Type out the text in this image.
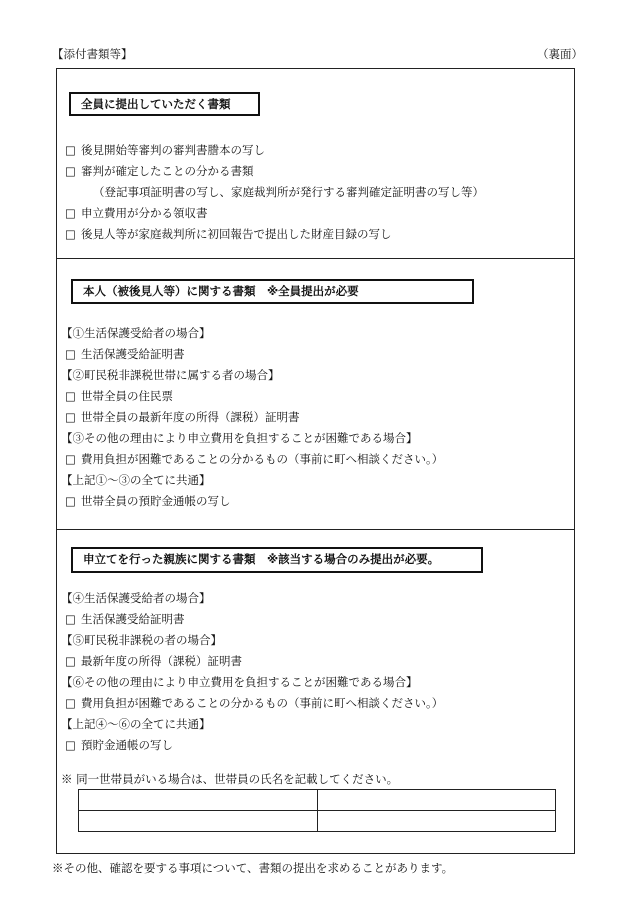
【添付書類等】	（裏面）
全員に提出していただく書類
□ 後見開始等審判の審判書謄本の写し
□ 審判が確定したことの分かる書類
（登記事項証明書の写し、家庭裁判所が発行する審判確定証明書の写し等）
□ 申立費用が分かる領収書
□ 後見人等が家庭裁判所に初回報告で提出した財産目録の写し
本人（被後見人等）に関する書類　※全員提出が必要
【①生活保護受給者の場合】
□ 生活保護受給証明書
【②町民税非課税世帯に属する者の場合】
□ 世帯全員の住民票
□ 世帯全員の最新年度の所得（課税）証明書
【③その他の理由により申立費用を負担することが困難である場合】
□ 費用負担が困難であることの分かるもの（事前に町へ相談ください。）
【上記①～③の全てに共通】
□ 世帯全員の預貯金通帳の写し
申立てを行った親族に関する書類　※該当する場合のみ提出が必要。
【④生活保護受給者の場合】
□ 生活保護受給証明書
【⑤町民税非課税の者の場合】
□ 最新年度の所得（課税）証明書
【⑥その他の理由により申立費用を負担することが困難である場合】
□ 費用負担が困難であることの分かるもの（事前に町へ相談ください。）
【上記④～⑥の全てに共通】
□ 預貯金通帳の写し
※ 同一世帯員がいる場合は、世帯員の氏名を記載してください。

※その他、確認を要する事項について、書類の提出を求めることがあります。
